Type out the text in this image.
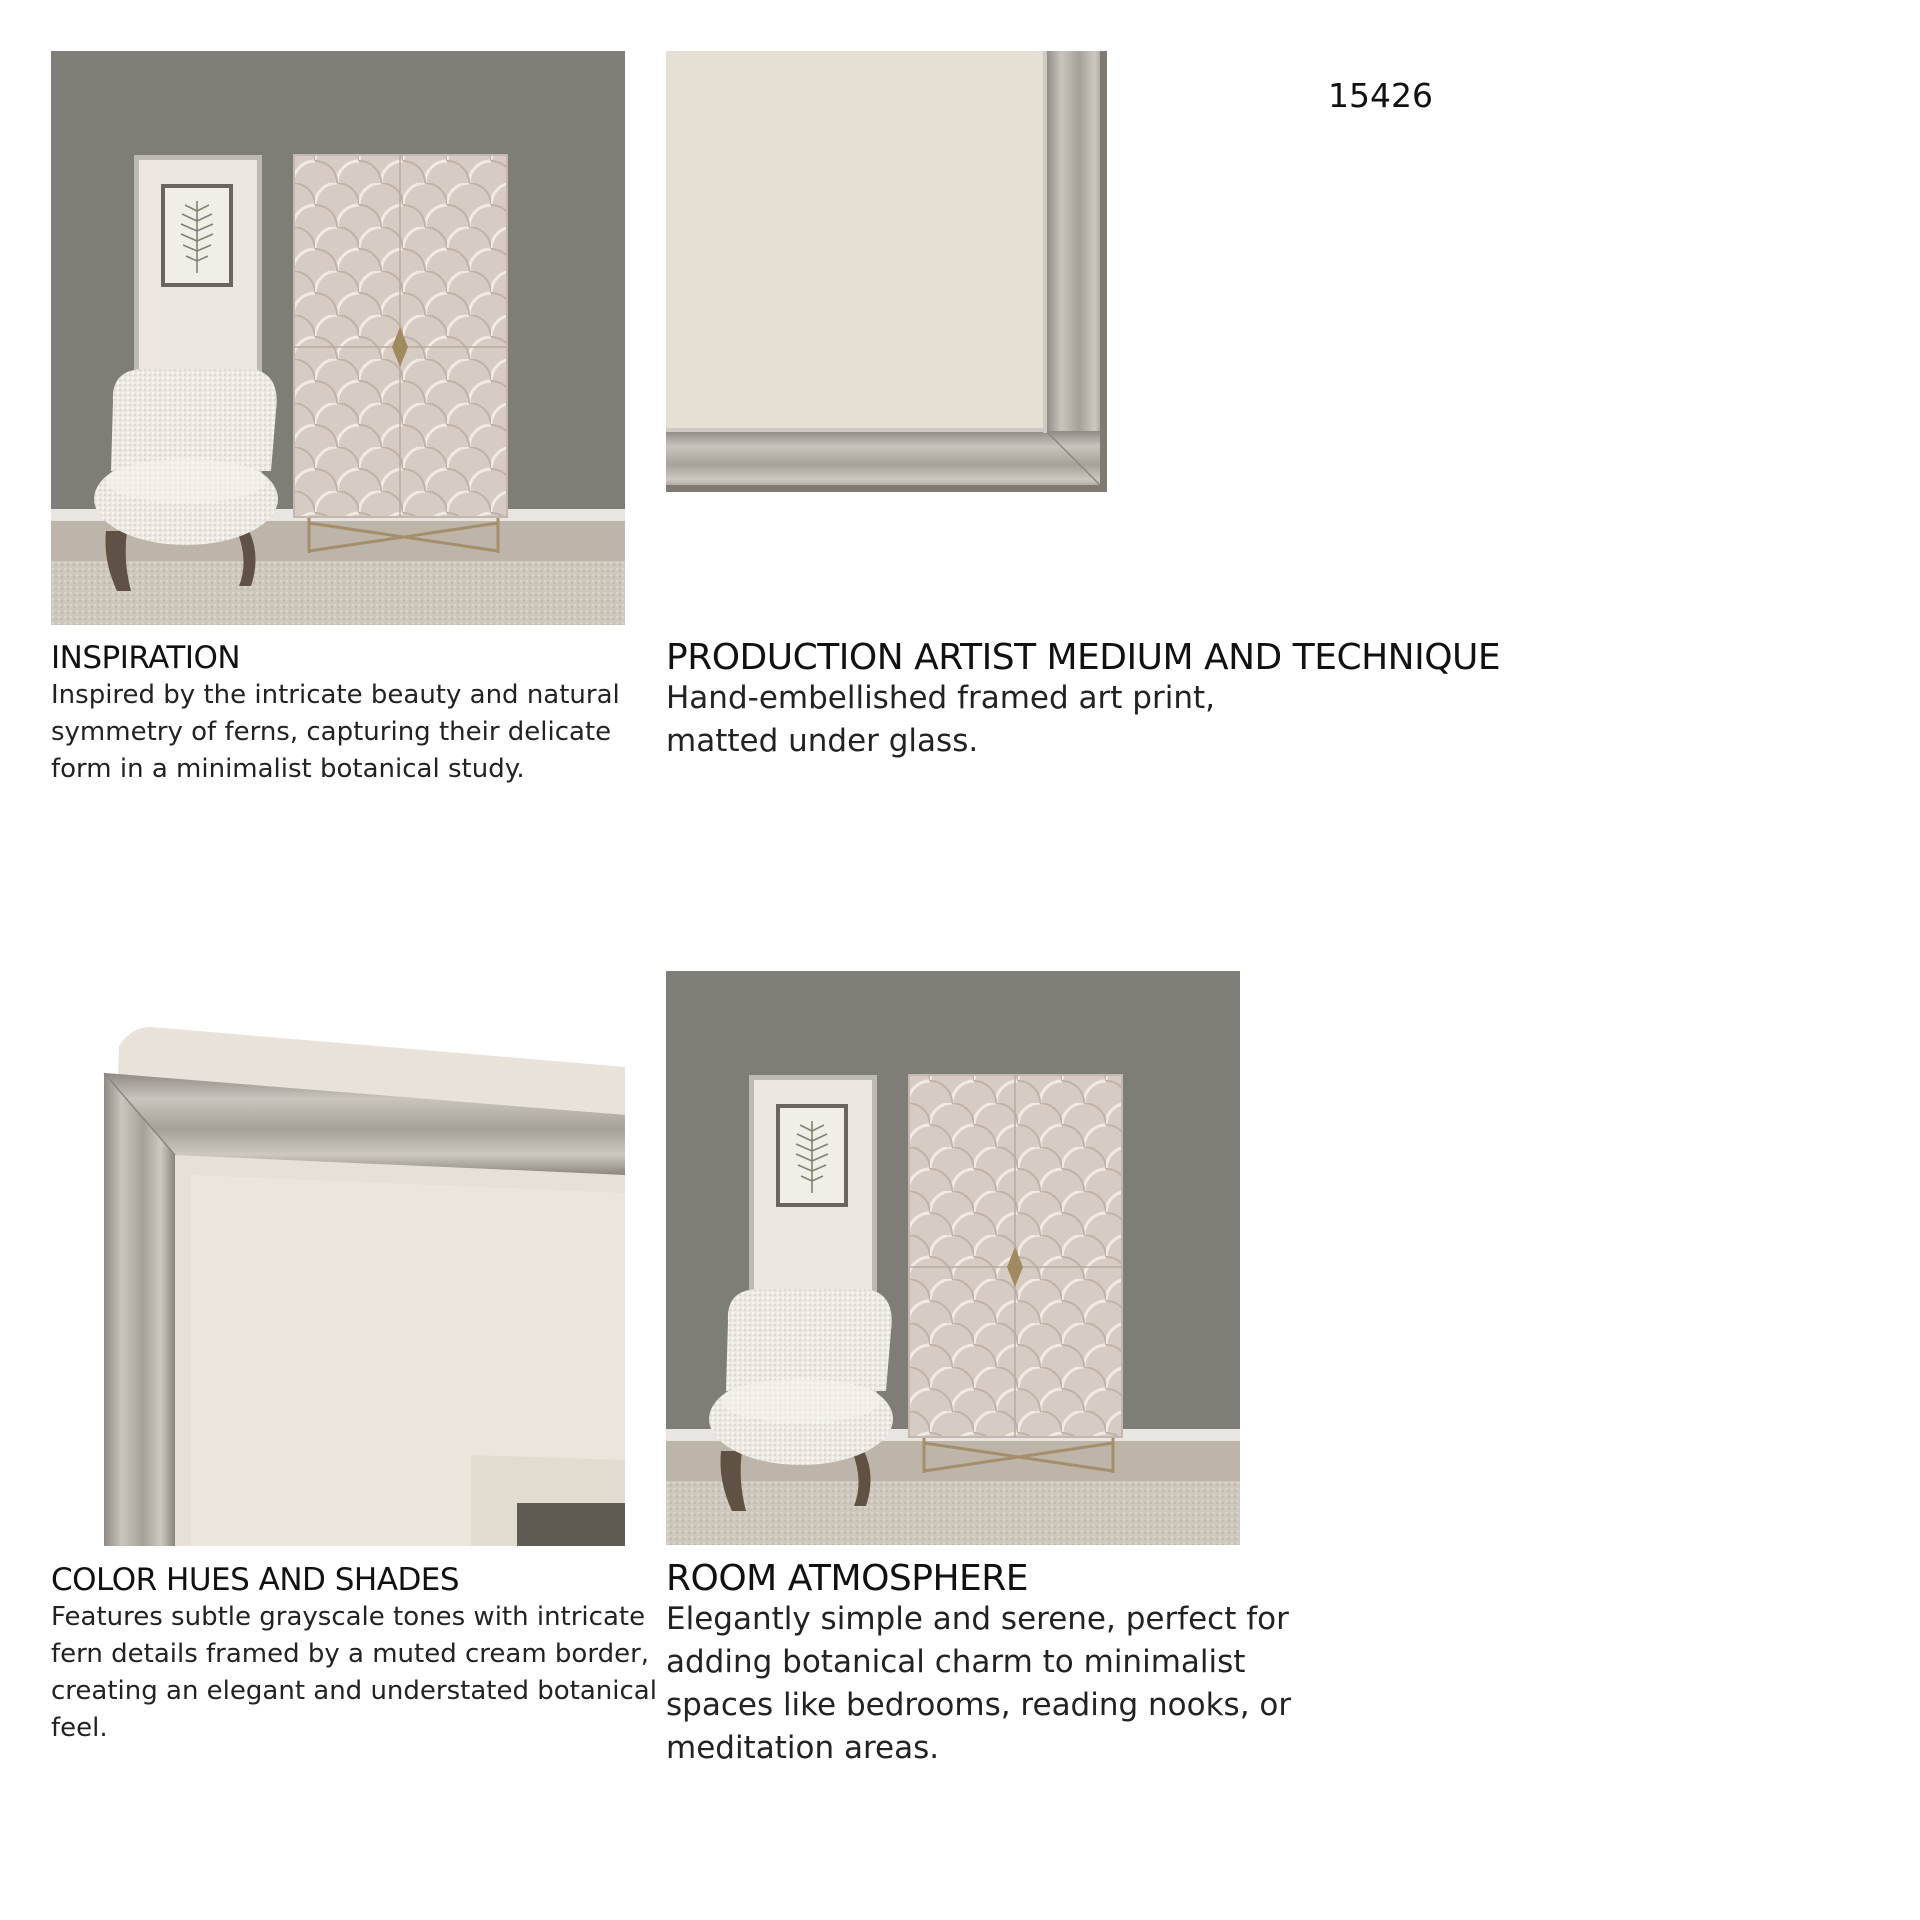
15426
INSPIRATION

Inspired by the intricate beauty and natural

symmetry of ferns, capturing their delicate

form in a minimalist botanical study.

PRODUCTION ARTIST MEDIUM AND TECHNIQUE

Hand-embellished framed art print,

matted under glass.

COLOR HUES AND SHADES

Features subtle grayscale tones with intricate

fern details framed by a muted cream border,

creating an elegant and understated botanical

feel.

ROOM ATMOSPHERE

Elegantly simple and serene, perfect for

adding botanical charm to minimalist

spaces like bedrooms, reading nooks, or

meditation areas.
